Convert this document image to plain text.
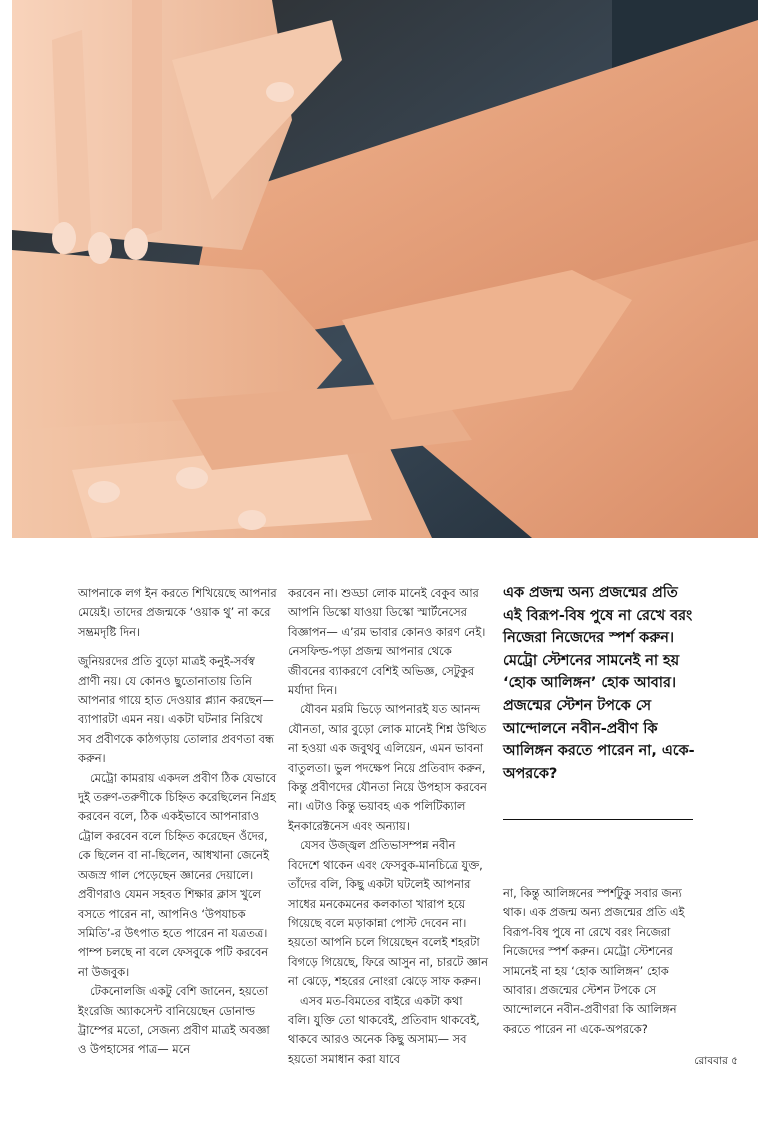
আপনাকে লগ ইন করতে শিখিয়েছে আপনার মেয়েই। তাদের প্রজন্মকে ‘ওয়াক থু’ না করে সম্ভ্রমদৃষ্টি দিন।

জুনিয়রদের প্রতি বুড়ো মাত্রই কনুই-সর্বস্ব প্রাণী নয়। যে কোনও ছুতোনাতায় তিনি আপনার গায়ে হাত দেওয়ার প্ল্যান করছেন— ব্যাপারটা এমন নয়। একটা ঘটনার নিরিখে সব প্রবীণকে কাঠগড়ায় তোলার প্রবণতা বন্ধ করুন।

মেট্রো কামরায় একদল প্রবীণ ঠিক যেভাবে দুই তরুণ-তরুণীকে চিহ্নিত করেছিলেন নিগ্রহ করবেন বলে, ঠিক একইভাবে আপনারাও ট্রোল করবেন বলে চিহ্নিত করেছেন ওঁদের, কে ছিলেন বা না-ছিলেন, আধখানা জেনেই অজস্র গাল পেড়েছেন জ্ঞানের দেয়ালে। প্রবীণরাও যেমন সহবত শিক্ষার ক্লাস খুলে বসতে পারেন না, আপনিও ‘উপযাচক সমিতি’-র উৎপাত হতে পারেন না যত্রতত্র। পাম্প চলছে না বলে ফেসবুকে পটি করবেন না উজবুক।

টেকনোলজি একটু বেশি জানেন, হয়তো ইংরেজি অ্যাকসেন্ট বানিয়েছেন ডোনাল্ড ট্রাম্পের মতো, সেজন্য প্রবীণ মাত্রই অবজ্ঞা ও উপহাসের পাত্র— মনে

করবেন না। শুড্ডা লোক মানেই বেকুব আর আপনি ডিস্কো যাওয়া ডিস্কো স্মার্টনেসের বিজ্ঞাপন— এ’রম ভাবার কোনও কারণ নেই। নেসফিল্ড-পড়া প্রজন্ম আপনার থেকে জীবনের ব্যাকরণে বেশিই অভিজ্ঞ, সেটুকুর মর্যাদা দিন।

যৌবন মরমি ভিড়ে আপনারই যত আনন্দ যৌনতা, আর বুড়ো লোক মানেই শিশ্ন উত্থিত না হওয়া এক জবুথবু এলিয়েন, এমন ভাবনা বাতুলতা। ভুল পদক্ষেপ নিয়ে প্রতিবাদ করুন, কিন্তু প্রবীণদের যৌনতা নিয়ে উপহাস করবেন না। এটাও কিন্তু ভয়াবহ এক পলিটিক্যাল ইনকারেক্টনেস এবং অন্যায়।

যেসব উজ্জ্বল প্রতিভাসম্পন্ন নবীন বিদেশে থাকেন এবং ফেসবুক-মানচিত্রে যুক্ত, তাঁদের বলি, কিছু একটা ঘটলেই আপনার সাধের মনকেমনের কলকাতা খারাপ হয়ে গিয়েছে বলে মড়াকান্না পোস্ট দেবেন না। হয়তো আপনি চলে গিয়েছেন বলেই শহরটা বিগড়ে গিয়েছে, ফিরে আসুন না, চারটে জ্ঞান না ঝেড়ে, শহরের নোংরা ঝেড়ে সাফ করুন।

এসব মত-বিমতের বাইরে একটা কথা বলি। যুক্তি তো থাকবেই, প্রতিবাদ থাকবেই, থাকবে আরও অনেক কিছু অসাম্য— সব হয়তো সমাধান করা যাবে

এক প্রজন্ম অন্য প্রজন্মের প্রতি এই বিরূপ-বিষ পুষে না রেখে বরং নিজেরা নিজেদের স্পর্শ করুন। মেট্রো স্টেশনের সামনেই না হয় ‘হোক আলিঙ্গন’ হোক আবার। প্রজন্মের স্টেশন টপকে সে আন্দোলনে নবীন-প্রবীণ কি আলিঙ্গন করতে পারেন না, একে-অপরকে?

না, কিন্তু আলিঙ্গনের স্পর্শটুকু সবার জন্য থাক। এক প্রজন্ম অন্য প্রজন্মের প্রতি এই বিরূপ-বিষ পুষে না রেখে বরং নিজেরা নিজেদের স্পর্শ করুন। মেট্রো স্টেশনের সামনেই না হয় ‘হোক আলিঙ্গন’ হোক আবার। প্রজন্মের স্টেশন টপকে সে আন্দোলনে নবীন-প্রবীণরা কি আলিঙ্গন করতে পারেন না একে-অপরকে?

রোববার ৫
